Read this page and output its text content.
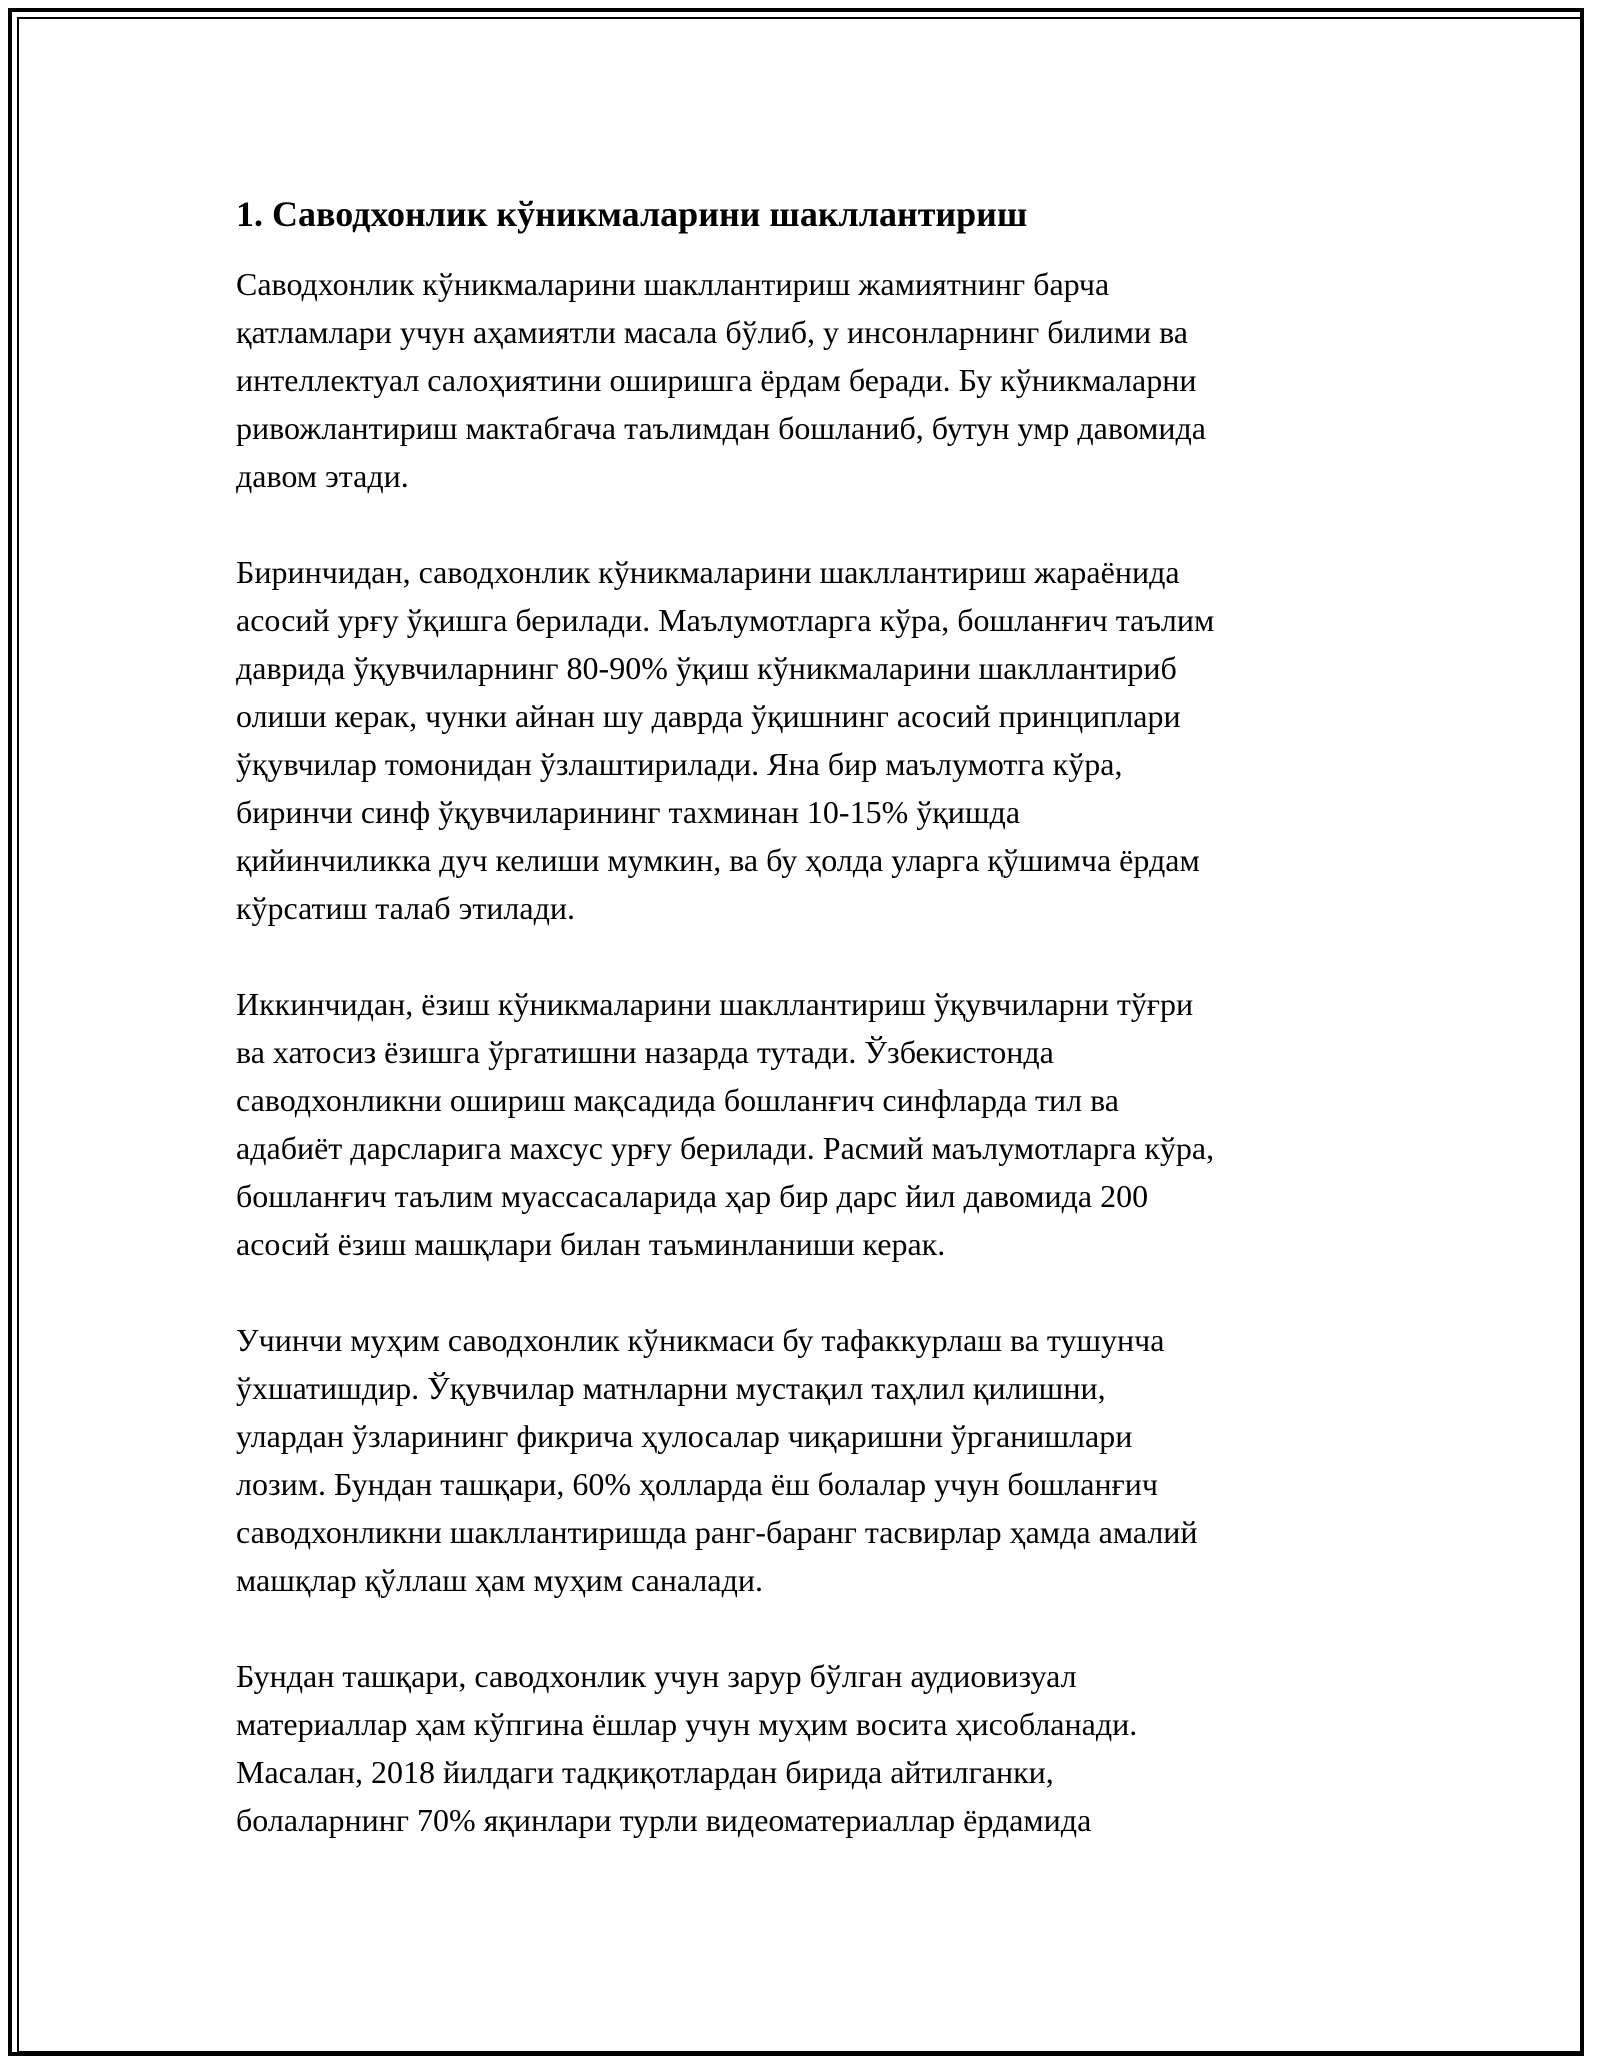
1. Саводхонлик кўникмаларини шакллантириш
Саводхонлик кўникмаларини шакллантириш жамиятнинг барча
қатламлари учун аҳамиятли масала бўлиб, у инсонларнинг билими ва
интеллектуал салоҳиятини оширишга ёрдам беради. Бу кўникмаларни
ривожлантириш мактабгача таълимдан бошланиб, бутун умр давомида
давом этади.
Биринчидан, саводхонлик кўникмаларини шакллантириш жараёнида
асосий урғу ўқишга берилади. Маълумотларга кўра, бошланғич таълим
даврида ўқувчиларнинг 80-90% ўқиш кўникмаларини шакллантириб
олиши керак, чунки айнан шу даврда ўқишнинг асосий принциплари
ўқувчилар томонидан ўзлаштирилади. Яна бир маълумотга кўра,
биринчи синф ўқувчиларининг тахминан 10-15% ўқишда
қийинчиликка дуч келиши мумкин, ва бу ҳолда уларга қўшимча ёрдам
кўрсатиш талаб этилади.
Иккинчидан, ёзиш кўникмаларини шакллантириш ўқувчиларни тўғри
ва хатосиз ёзишга ўргатишни назарда тутади. Ўзбекистонда
саводхонликни ошириш мақсадида бошланғич синфларда тил ва
адабиёт дарсларига махсус урғу берилади. Расмий маълумотларга кўра,
бошланғич таълим муассасаларида ҳар бир дарс йил давомида 200
асосий ёзиш машқлари билан таъминланиши керак.
Учинчи муҳим саводхонлик кўникмаси бу тафаккурлаш ва тушунча
ўхшатишдир. Ўқувчилар матнларни мустақил таҳлил қилишни,
улардан ўзларининг фикрича ҳулосалар чиқаришни ўрганишлари
лозим. Бундан ташқари, 60% ҳолларда ёш болалар учун бошланғич
саводхонликни шакллантиришда ранг-баранг тасвирлар ҳамда амалий
машқлар қўллаш ҳам муҳим саналади.
Бундан ташқари, саводхонлик учун зарур бўлган аудиовизуал
материаллар ҳам кўпгина ёшлар учун муҳим восита ҳисобланади.
Масалан, 2018 йилдаги тадқиқотлардан бирида айтилганки,
болаларнинг 70% яқинлари турли видеоматериаллар ёрдамида
